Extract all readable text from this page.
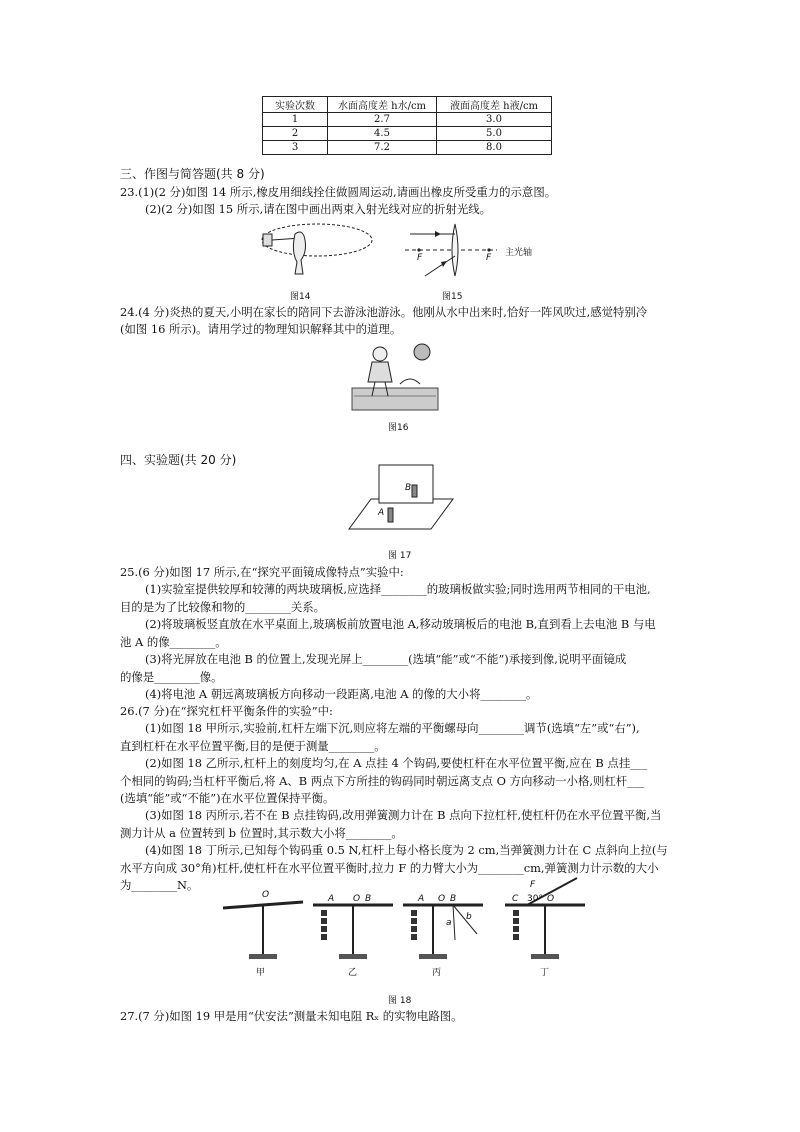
实验次数	水面高度差 h水/cm	液面高度差 h液/cm
1	2.7	3.0
2	4.5	5.0
3	7.2	8.0
三、作图与简答题(共 8 分)
23.(1)(2 分)如图 14 所示,橡皮用细线拴住做圆周运动,请画出橡皮所受重力的示意图。
(2)(2 分)如图 15 所示,请在图中画出两束入射光线对应的折射光线。
图14
F	F 主光轴
图15
24.(4 分)炎热的夏天,小明在家长的陪同下去游泳池游泳。他刚从水中出来时,恰好一阵风吹过,感觉特别冷
(如图 16 所示)。请用学过的物理知识解释其中的道理。
图16
四、实验题(共 20 分)
A
B
图 17
25.(6 分)如图 17 所示,在“探究平面镜成像特点”实验中:
(1)实验室提供较厚和较薄的两块玻璃板,应选择________的玻璃板做实验;同时选用两节相同的干电池,
目的是为了比较像和物的________关系。
(2)将玻璃板竖直放在水平桌面上,玻璃板前放置电池 A,移动玻璃板后的电池 B,直到看上去电池 B 与电
池 A 的像________。
(3)将光屏放在电池 B 的位置上,发现光屏上________(选填“能”或“不能”)承接到像,说明平面镜成
的像是________像。
(4)将电池 A 朝远离玻璃板方向移动一段距离,电池 A 的像的大小将________。
26.(7 分)在“探究杠杆平衡条件的实验”中:
(1)如图 18 甲所示,实验前,杠杆左端下沉,则应将左端的平衡螺母向________调节(选填“左”或“右”),
直到杠杆在水平位置平衡,目的是便于测量________。
(2)如图 18 乙所示,杠杆上的刻度均匀,在 A 点挂 4 个钩码,要使杠杆在水平位置平衡,应在 B 点挂___
个相同的钩码;当杠杆平衡后,将 A、B 两点下方所挂的钩码同时朝远离支点 O 方向移动一小格,则杠杆___
(选填“能”或“不能”)在水平位置保持平衡。
(3)如图 18 丙所示,若不在 B 点挂钩码,改用弹簧测力计在 B 点向下拉杠杆,使杠杆仍在水平位置平衡,当
测力计从 a 位置转到 b 位置时,其示数大小将________。
(4)如图 18 丁所示,已知每个钩码重 0.5 N,杠杆上每小格长度为 2 cm,当弹簧测力计在 C 点斜向上拉(与
水平方向成 30°角)杠杆,使杠杆在水平位置平衡时,拉力 F 的力臂大小为________cm,弹簧测力计示数的大小
为________N。
O	A O B	A O B
a
b
C
F
30° O
甲	乙	丙	丁
图 18
27.(7 分)如图 19 甲是用“伏安法”测量未知电阻 Rₓ 的实物电路图。
